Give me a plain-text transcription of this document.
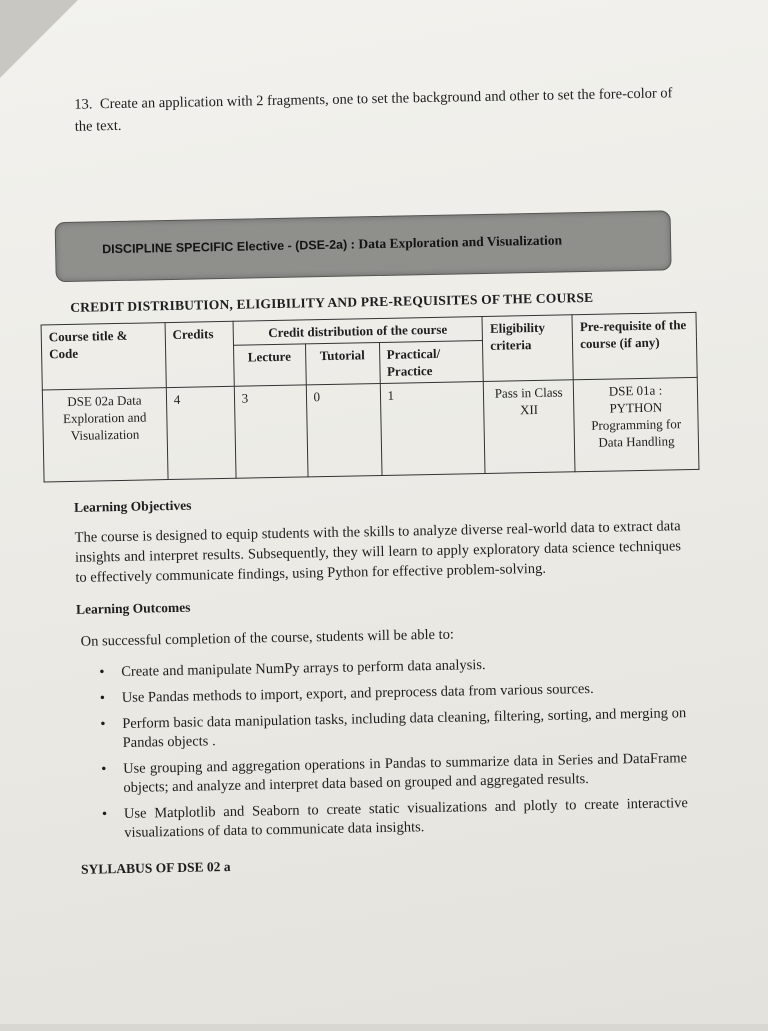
13. Create an application with 2 fragments, one to set the background and other to set the fore-color of the text.
DISCIPLINE SPECIFIC Elective - (DSE-2a) : Data Exploration and Visualization
CREDIT DISTRIBUTION, ELIGIBILITY AND PRE-REQUISITES OF THE COURSE
Course title & Code	Credits	Credit distribution of the course			Eligibility criteria	Pre-requisite of the course (if any)
		Lecture	Tutorial	Practical/ Practice		
DSE 02a Data Exploration and Visualization	4	3	0	1	Pass in Class XII	DSE 01a : PYTHON Programming for Data Handling
Learning Objectives
The course is designed to equip students with the skills to analyze diverse real-world data to extract data insights and interpret results. Subsequently, they will learn to apply exploratory data science techniques to effectively communicate findings, using Python for effective problem-solving.
Learning Outcomes
On successful completion of the course, students will be able to:
• Create and manipulate NumPy arrays to perform data analysis.
• Use Pandas methods to import, export, and preprocess data from various sources.
• Perform basic data manipulation tasks, including data cleaning, filtering, sorting, and merging on Pandas objects .
• Use grouping and aggregation operations in Pandas to summarize data in Series and DataFrame objects; and analyze and interpret data based on grouped and aggregated results.
• Use Matplotlib and Seaborn to create static visualizations and plotly to create interactive visualizations of data to communicate data insights.
SYLLABUS OF DSE 02 a
